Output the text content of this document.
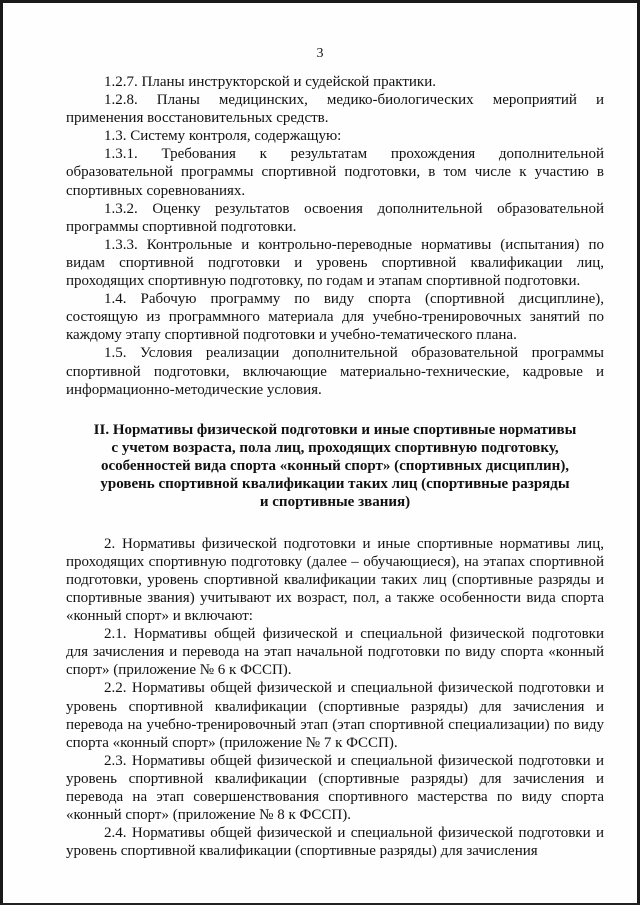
3

1.2.7. Планы инструкторской и судейской практики.

1.2.8. Планы медицинских, медико-биологических мероприятий и применения восстановительных средств.

1.3. Систему контроля, содержащую:

1.3.1. Требования к результатам прохождения дополнительной образовательной программы спортивной подготовки, в том числе к участию в спортивных соревнованиях.

1.3.2. Оценку результатов освоения дополнительной образовательной программы спортивной подготовки.

1.3.3. Контрольные и контрольно-переводные нормативы (испытания) по видам спортивной подготовки и уровень спортивной квалификации лиц, проходящих спортивную подготовку, по годам и этапам спортивной подготовки.

1.4. Рабочую программу по виду спорта (спортивной дисциплине), состоящую из программного материала для учебно-тренировочных занятий по каждому этапу спортивной подготовки и учебно-тематического плана.

1.5. Условия реализации дополнительной образовательной программы спортивной подготовки, включающие материально-технические, кадровые и информационно-методические условия.

II. Нормативы физической подготовки и иные спортивные нормативы
с учетом возраста, пола лиц, проходящих спортивную подготовку,
особенностей вида спорта «конный спорт» (спортивных дисциплин),
уровень спортивной квалификации таких лиц (спортивные разряды
и спортивные звания)

2. Нормативы физической подготовки и иные спортивные нормативы лиц, проходящих спортивную подготовку (далее – обучающиеся), на этапах спортивной подготовки, уровень спортивной квалификации таких лиц (спортивные разряды и спортивные звания) учитывают их возраст, пол, а также особенности вида спорта «конный спорт» и включают:

2.1. Нормативы общей физической и специальной физической подготовки для зачисления и перевода на этап начальной подготовки по виду спорта «конный спорт» (приложение № 6 к ФССП).

2.2. Нормативы общей физической и специальной физической подготовки и уровень спортивной квалификации (спортивные разряды) для зачисления и перевода на учебно-тренировочный этап (этап спортивной специализации) по виду спорта «конный спорт» (приложение № 7 к ФССП).

2.3. Нормативы общей физической и специальной физической подготовки и уровень спортивной квалификации (спортивные разряды) для зачисления и перевода на этап совершенствования спортивного мастерства по виду спорта «конный спорт» (приложение № 8 к ФССП).

2.4. Нормативы общей физической и специальной физической подготовки и уровень спортивной квалификации (спортивные разряды) для зачисления
